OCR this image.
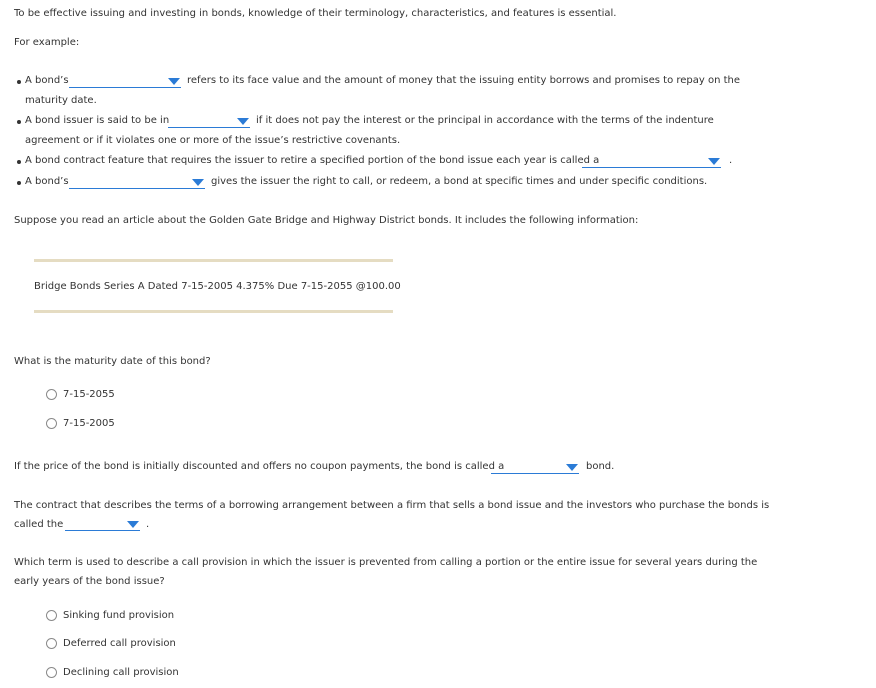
To be effective issuing and investing in bonds, knowledge of their terminology, characteristics, and features is essential.
For example:
A bond’s	refers to its face value and the amount of money that the issuing entity borrows and promises to repay on the
maturity date.
A bond issuer is said to be in	if it does not pay the interest or the principal in accordance with the terms of the indenture
agreement or if it violates one or more of the issue’s restrictive covenants.
A bond contract feature that requires the issuer to retire a specified portion of the bond issue each year is called a	.
A bond’s	gives the issuer the right to call, or redeem, a bond at specific times and under specific conditions.
Suppose you read an article about the Golden Gate Bridge and Highway District bonds. It includes the following information:
Bridge Bonds Series A Dated 7-15-2005 4.375% Due 7-15-2055 @100.00
What is the maturity date of this bond?
7-15-2055
7-15-2005
If the price of the bond is initially discounted and offers no coupon payments, the bond is called a	bond.
The contract that describes the terms of a borrowing arrangement between a firm that sells a bond issue and the investors who purchase the bonds is
called the	.
Which term is used to describe a call provision in which the issuer is prevented from calling a portion or the entire issue for several years during the
early years of the bond issue?
Sinking fund provision
Deferred call provision
Declining call provision
